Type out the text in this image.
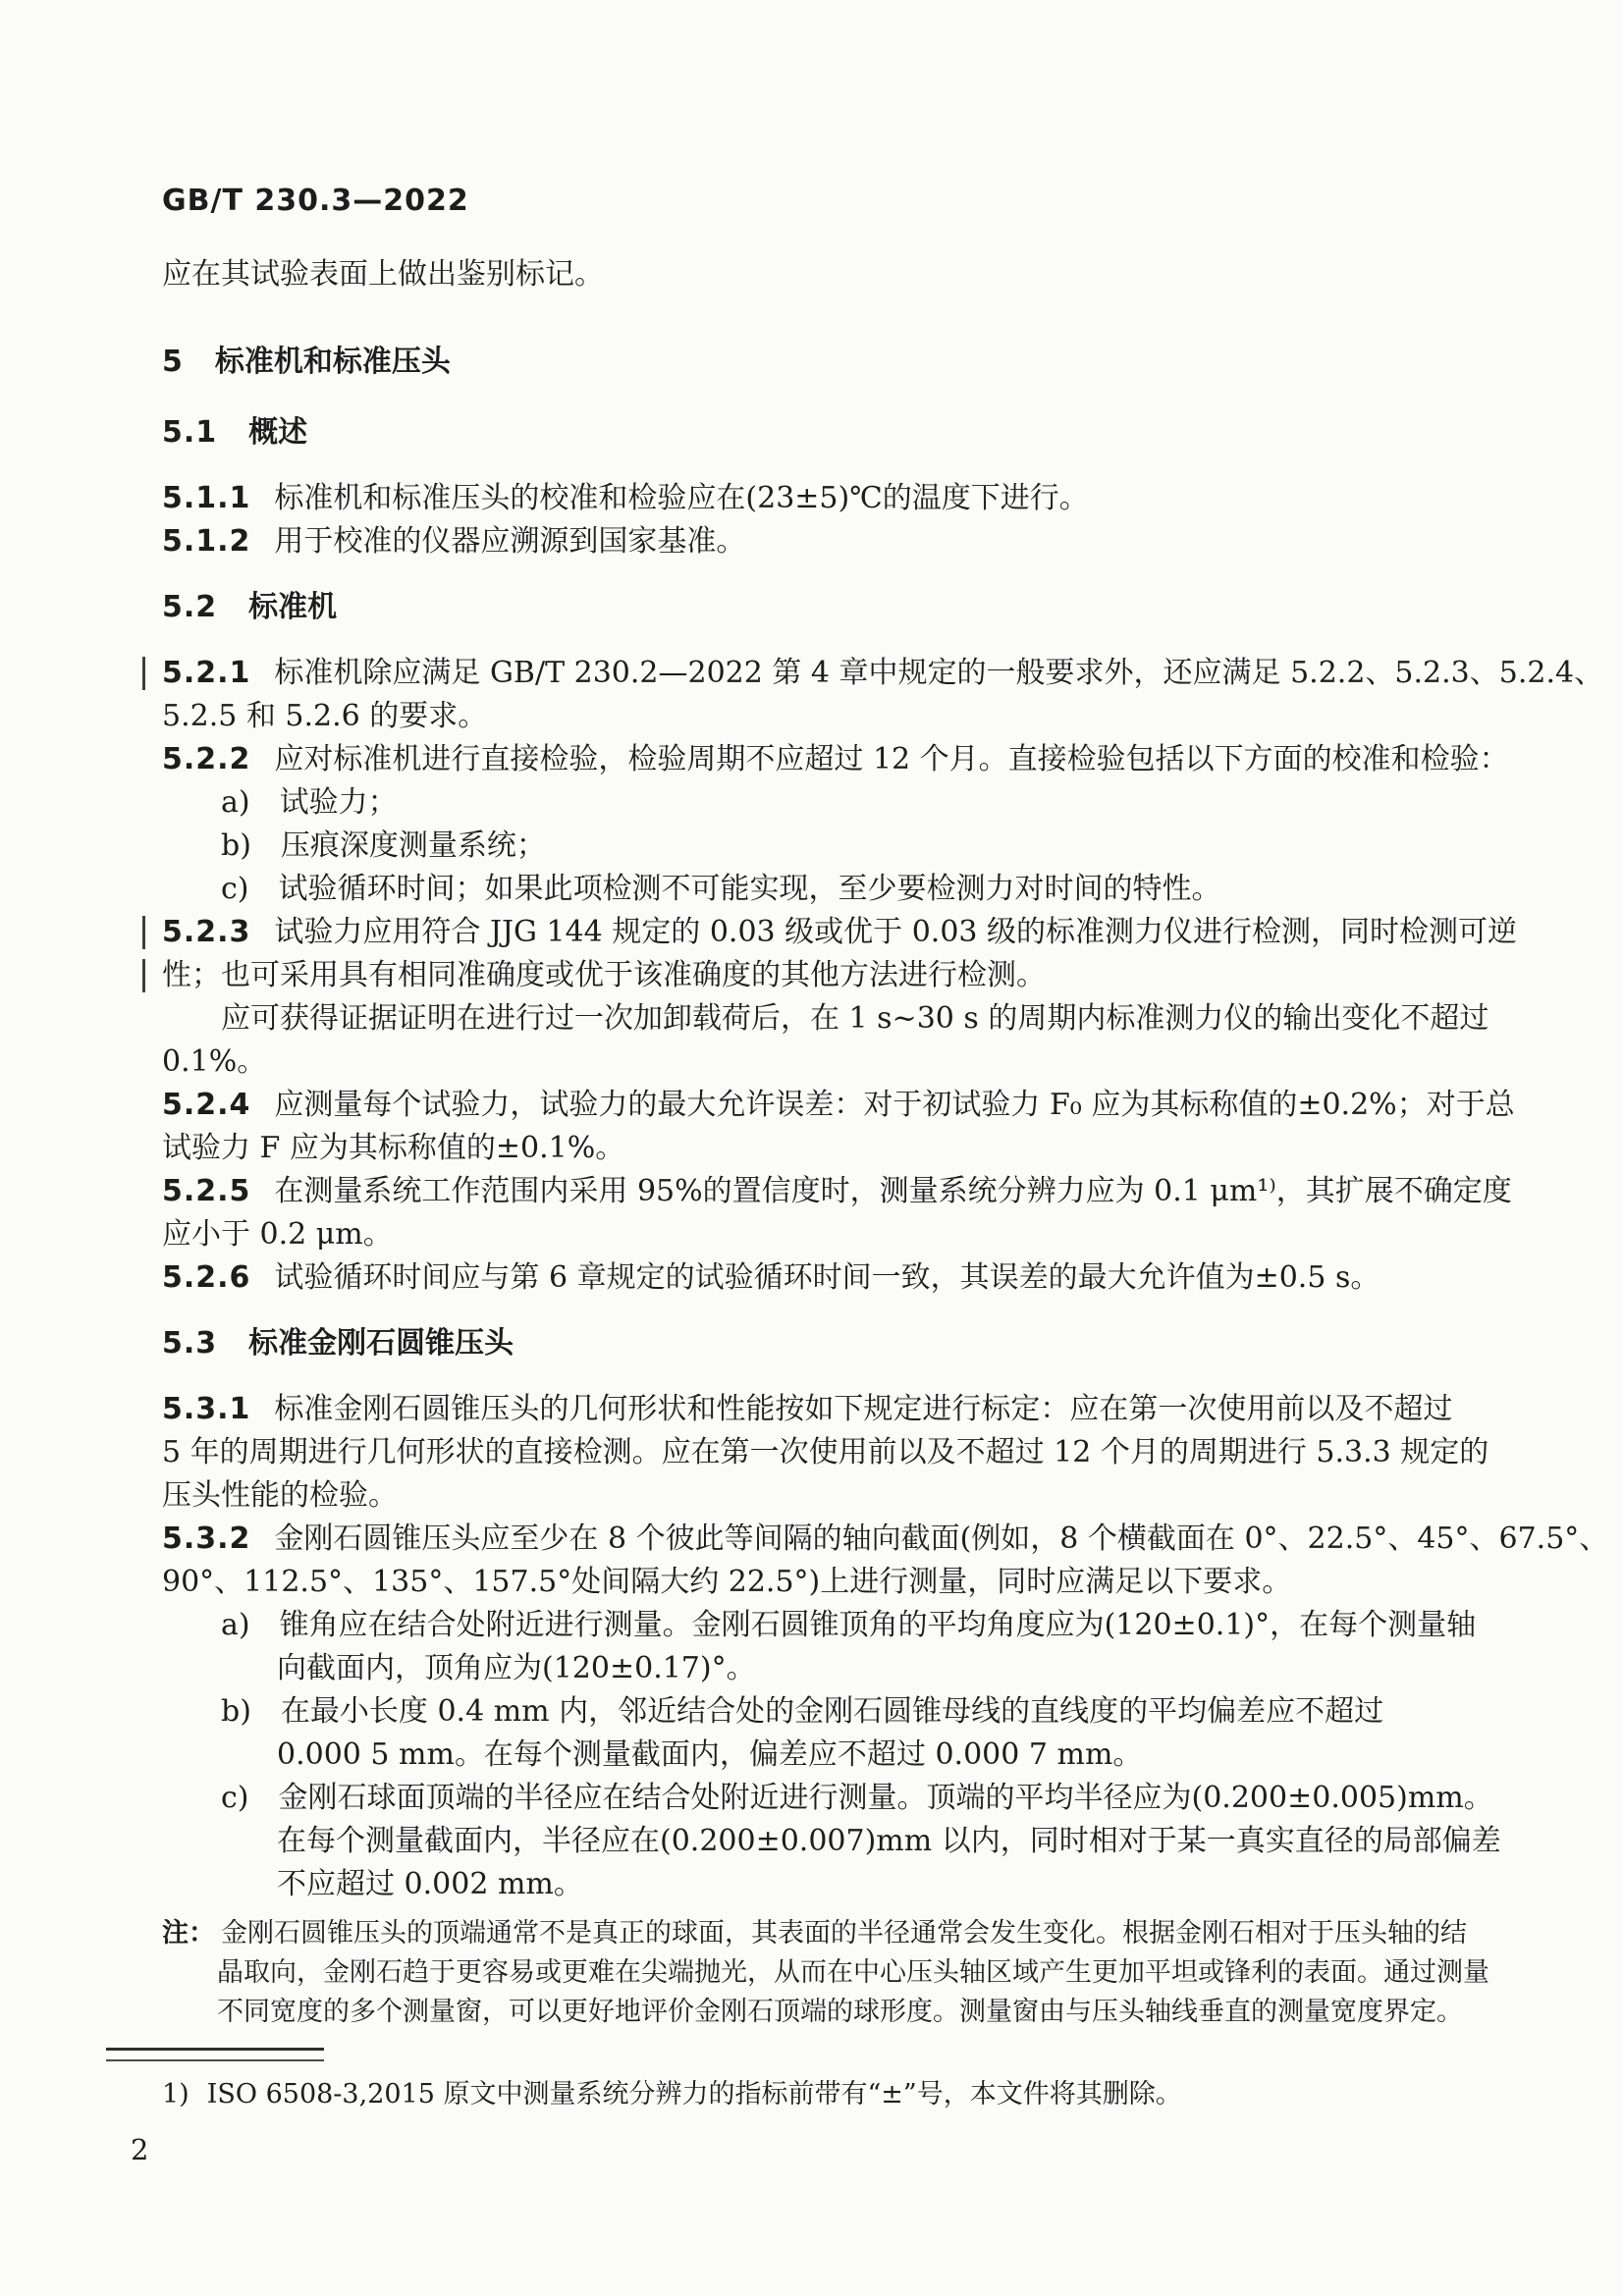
GB/T 230.3—2022
应在其试验表面上做出鉴别标记。
5 标准机和标准压头
5.1 概述
5.1.1 标准机和标准压头的校准和检验应在(23±5)℃的温度下进行。
5.1.2 用于校准的仪器应溯源到国家基准。
5.2 标准机
5.2.1 标准机除应满足 GB/T 230.2—2022 第 4 章中规定的一般要求外，还应满足 5.2.2、5.2.3、5.2.4、
5.2.5 和 5.2.6 的要求。
5.2.2 应对标准机进行直接检验，检验周期不应超过 12 个月。直接检验包括以下方面的校准和检验：
a) 试验力；
b) 压痕深度测量系统；
c) 试验循环时间；如果此项检测不可能实现，至少要检测力对时间的特性。
5.2.3 试验力应用符合 JJG 144 规定的 0.03 级或优于 0.03 级的标准测力仪进行检测，同时检测可逆
性；也可采用具有相同准确度或优于该准确度的其他方法进行检测。
应可获得证据证明在进行过一次加卸载荷后，在 1 s~30 s 的周期内标准测力仪的输出变化不超过
0.1%。
5.2.4 应测量每个试验力，试验力的最大允许误差：对于初试验力 F₀ 应为其标称值的±0.2%；对于总
试验力 F 应为其标称值的±0.1%。
5.2.5 在测量系统工作范围内采用 95%的置信度时，测量系统分辨力应为 0.1 μm¹⁾，其扩展不确定度
应小于 0.2 μm。
5.2.6 试验循环时间应与第 6 章规定的试验循环时间一致，其误差的最大允许值为±0.5 s。
5.3 标准金刚石圆锥压头
5.3.1 标准金刚石圆锥压头的几何形状和性能按如下规定进行标定：应在第一次使用前以及不超过
5 年的周期进行几何形状的直接检测。应在第一次使用前以及不超过 12 个月的周期进行 5.3.3 规定的
压头性能的检验。
5.3.2 金刚石圆锥压头应至少在 8 个彼此等间隔的轴向截面(例如，8 个横截面在 0°、22.5°、45°、67.5°、
90°、112.5°、135°、157.5°处间隔大约 22.5°)上进行测量，同时应满足以下要求。
a) 锥角应在结合处附近进行测量。金刚石圆锥顶角的平均角度应为(120±0.1)°，在每个测量轴
向截面内，顶角应为(120±0.17)°。
b) 在最小长度 0.4 mm 内，邻近结合处的金刚石圆锥母线的直线度的平均偏差应不超过
0.000 5 mm。在每个测量截面内，偏差应不超过 0.000 7 mm。
c) 金刚石球面顶端的半径应在结合处附近进行测量。顶端的平均半径应为(0.200±0.005)mm。
在每个测量截面内，半径应在(0.200±0.007)mm 以内，同时相对于某一真实直径的局部偏差
不应超过 0.002 mm。
注： 金刚石圆锥压头的顶端通常不是真正的球面，其表面的半径通常会发生变化。根据金刚石相对于压头轴的结
晶取向，金刚石趋于更容易或更难在尖端抛光，从而在中心压头轴区域产生更加平坦或锋利的表面。通过测量
不同宽度的多个测量窗，可以更好地评价金刚石顶端的球形度。测量窗由与压头轴线垂直的测量宽度界定。
1) ISO 6508-3,2015 原文中测量系统分辨力的指标前带有“±”号，本文件将其删除。
2
